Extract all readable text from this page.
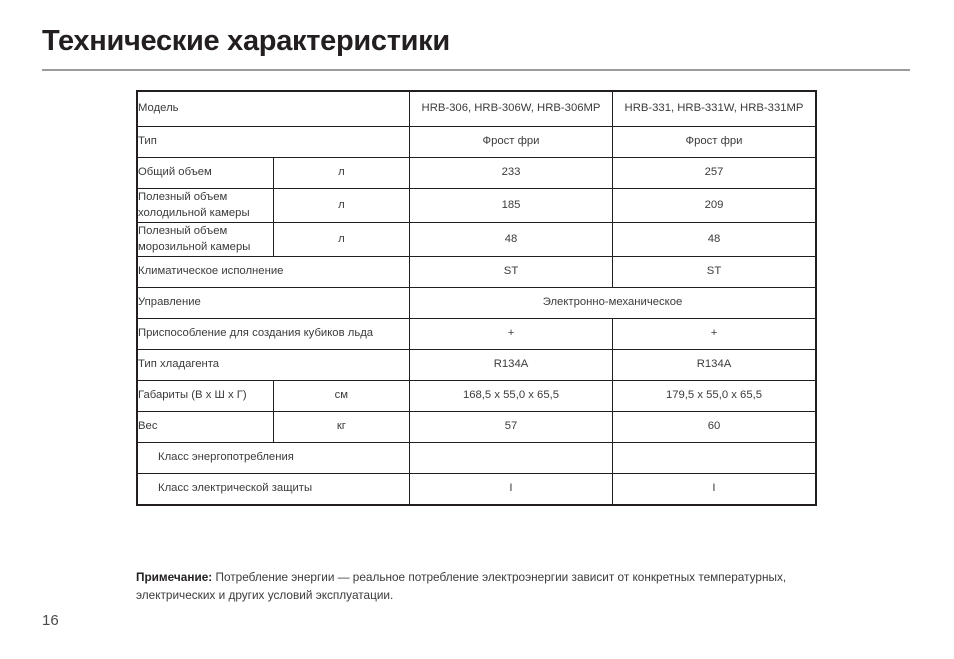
Технические характеристики
Модель		HRB-306, HRB-306W, HRB-306MP	HRB-331, HRB-331W, HRB-331MP
Тип		Фрост фри	Фрост фри
Общий объем	л	233	257
Полезный объем холодильной камеры	л	185	209
Полезный объем морозильной камеры	л	48	48
Климатическое исполнение		ST	ST
Управление		Электронно-механическое	
Приспособление для создания кубиков льда		+	+
Тип хладагента		R134A	R134A
Габариты (В х Ш х Г)	см	168,5 х 55,0 х 65,5	179,5 х 55,0 х 65,5
Вес	кг	57	60
Класс энергопотребления			
Класс электрической защиты		I	I
Примечание: Потребление энергии — реальное потребление электроэнергии зависит от конкретных температурных, электрических и других условий эксплуатации.
16
